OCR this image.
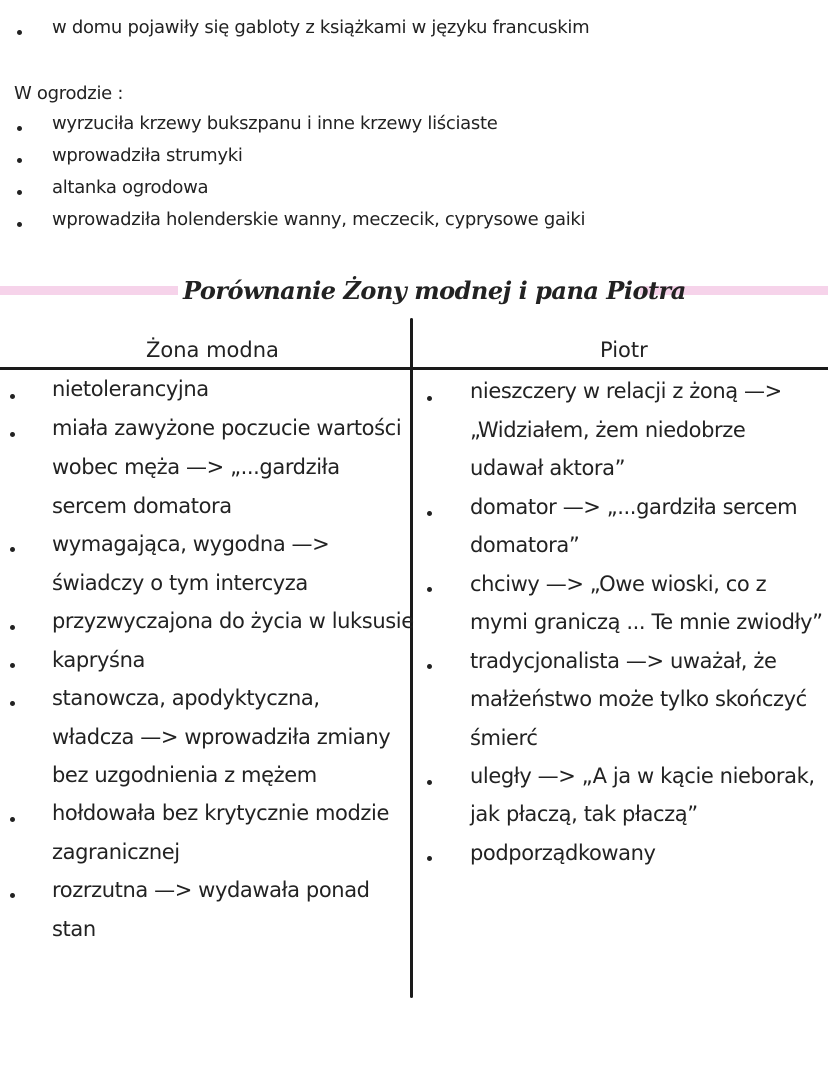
w domu pojawiły się gabloty z książkami w języku francuskim
W ogrodzie :
wyrzuciła krzewy bukszpanu i inne krzewy liściaste
wprowadziła strumyki
altanka ogrodowa
wprowadziła holenderskie wanny, meczecik, cyprysowe gaiki
Porównanie Żony modnej i pana Piotra
Żona modna	Piotr
nietolerancyjna
miała zawyżone poczucie wartości
wobec męża —> „...gardziła
sercem domatora
wymagająca, wygodna —>
świadczy o tym intercyza
przyzwyczajona do życia w luksusie
kapryśna
stanowcza, apodyktyczna,
władcza —> wprowadziła zmiany
bez uzgodnienia z mężem
hołdowała bez krytycznie modzie
zagranicznej
rozrzutna —> wydawała ponad
stan
nieszczery w relacji z żoną —>
„Widziałem, żem niedobrze
udawał aktora”
domator —> „...gardziła sercem
domatora”
chciwy —> „Owe wioski, co z
mymi graniczą ... Te mnie zwiodły”
tradycjonalista —> uważał, że
małżeństwo może tylko skończyć
śmierć
uległy —> „A ja w kącie nieborak,
jak płaczą, tak płaczą”
podporządkowany
